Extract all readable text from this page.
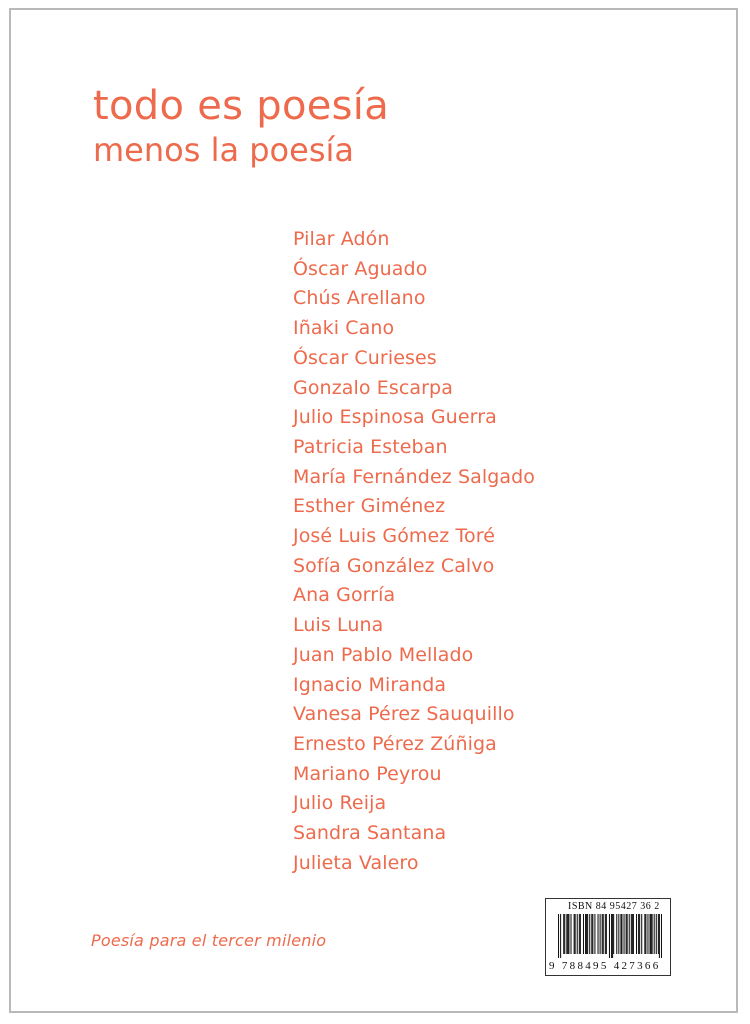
todo es poesía
menos la poesía
Pilar Adón
Óscar Aguado
Chús Arellano
Iñaki Cano
Óscar Curieses
Gonzalo Escarpa
Julio Espinosa Guerra
Patricia Esteban
María Fernández Salgado
Esther Giménez
José Luis Gómez Toré
Sofía González Calvo
Ana Gorría
Luis Luna
Juan Pablo Mellado
Ignacio Miranda
Vanesa Pérez Sauquillo
Ernesto Pérez Zúñiga
Mariano Peyrou
Julio Reija
Sandra Santana
Julieta Valero

Poesía para el tercer milenio

ISBN 84 95427 36 2
9 788495 427366
